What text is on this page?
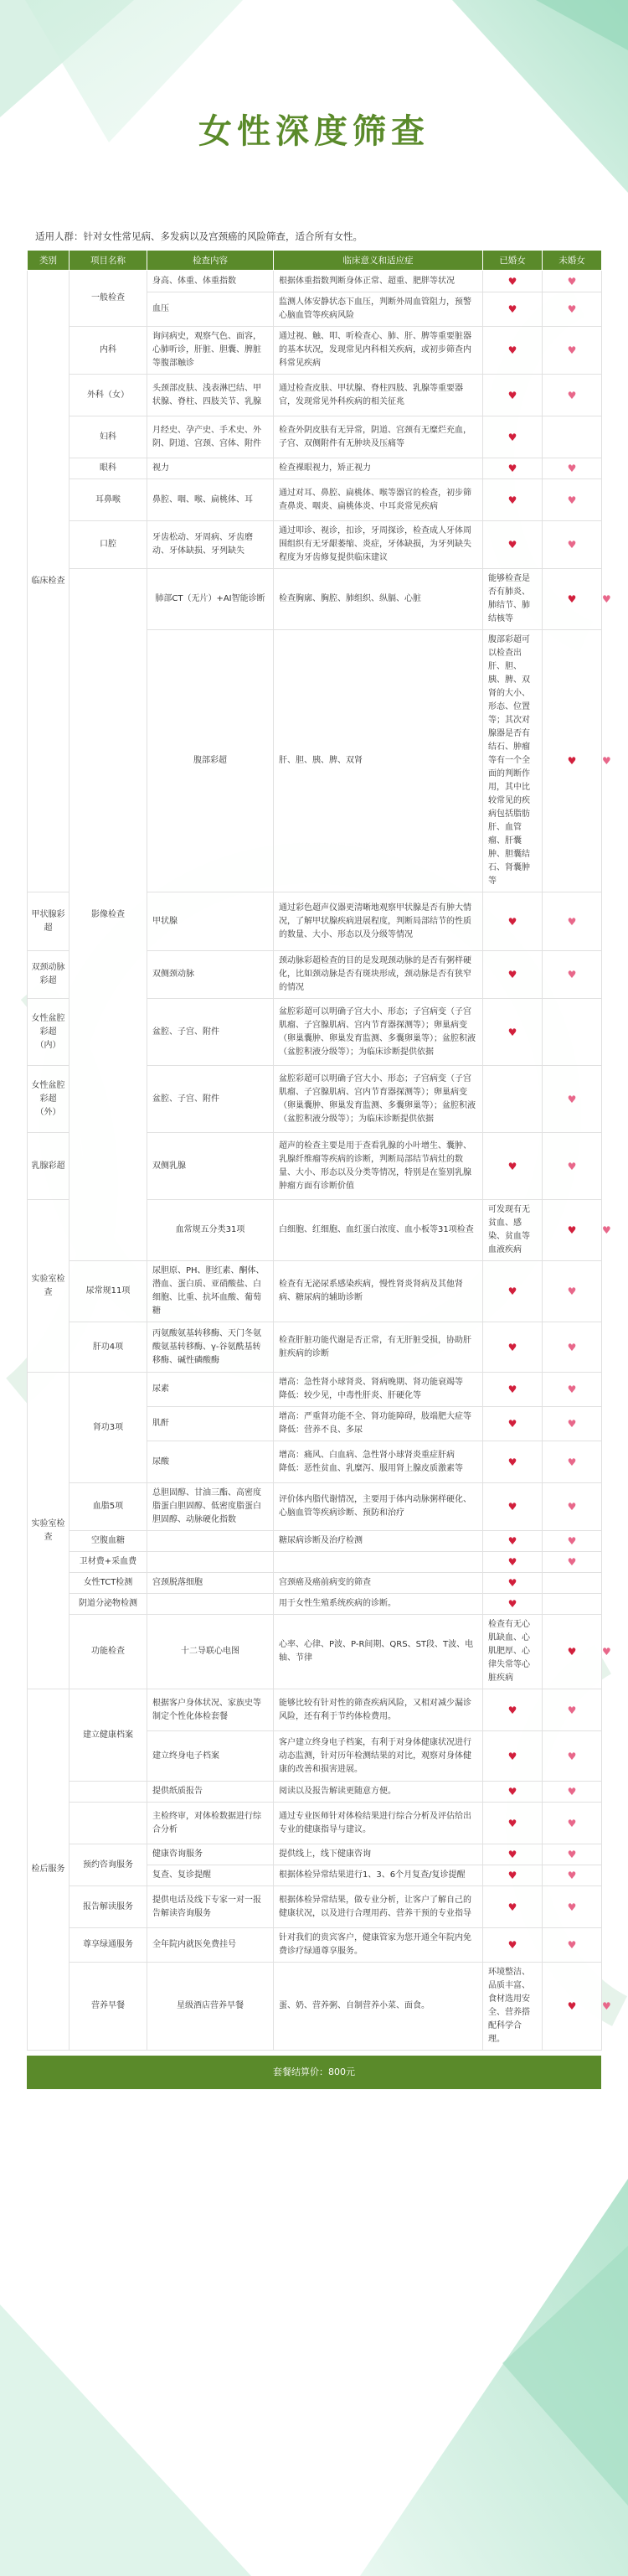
女性深度筛查
适用人群：针对女性常见病、多发病以及宫颈癌的风险筛查，适合所有女性。
类别	项目名称	检查内容	临床意义和适应症	已婚女	未婚女	
临床检查	一般检查	身高、体重、体重指数	根据体重指数判断身体正常、超重、肥胖等状况	♥	♥	
		血压	监测人体安静状态下血压，判断外周血管阻力，预警心脑血管等疾病风险	♥	♥	
	内科	询问病史，观察气色、面容，心肺听诊，肝脏、胆囊、脾脏等腹部触诊	通过视、触、叩、听检查心、肺、肝、脾等重要脏器的基本状况，发现常见内科相关疾病，或初步筛查内科常见疾病	♥	♥	
	外科（女）	头颈部皮肤、浅表淋巴结、甲状腺、脊柱、四肢关节、乳腺	通过检查皮肤、甲状腺、脊柱四肢、乳腺等重要器官，发现常见外科疾病的相关征兆	♥	♥	
	妇科	月经史、孕产史、手术史、外阴、阴道、宫颈、宫体、附件	检查外阴皮肤有无异常，阴道、宫颈有无糜烂充血，子宫、双侧附件有无肿块及压痛等	♥		
	眼科	视力	检查裸眼视力，矫正视力	♥	♥	
	耳鼻喉	鼻腔、咽、喉、扁桃体、耳	通过对耳、鼻腔、扁桃体、喉等器官的检查，初步筛查鼻炎、咽炎、扁桃体炎、中耳炎常见疾病	♥	♥	
	口腔	牙齿松动、牙周病、牙齿磨动、牙体缺损、牙列缺失	通过叩诊、视诊，扣诊，牙周探诊，检查成人牙体周围组织有无牙龈萎缩、炎症，牙体缺损，为牙列缺失程度为牙齿修复提供临床建议	♥	♥	
	影像检查	肺部CT（无片）+AI智能诊断	检查胸廓、胸腔、肺组织、纵膈、心脏	能够检查是否有肺炎、肺结节、肺结核等	♥	♥
		腹部彩超	肝、胆、胰、脾、双肾	腹部彩超可以检查出肝、胆、胰、脾、双肾的大小、形态、位置等；其次对腺器是否有结石、肿瘤等有一个全面的判断作用，其中比较常见的疾病包括脂肪肝、血管瘤、肝囊肿、胆囊结石、肾囊肿等	♥	♥
甲状腺彩超		甲状腺	通过彩色超声仪器更清晰地观察甲状腺是否有肿大情况，了解甲状腺疾病进展程度，判断局部结节的性质的数量、大小、形态以及分级等情况	♥	♥	
双颈动脉彩超		双侧颈动脉	颈动脉彩超检查的目的是发现颈动脉的是否有粥样硬化，比如颈动脉是否有斑块形成，颈动脉是否有狭窄的情况	♥	♥	
女性盆腔彩超（内）		盆腔、子宫、附件	盆腔彩超可以明确子宫大小、形态；子宫病变（子宫肌瘤、子宫腺肌病、宫内节育器探测等）；卵巢病变（卵巢囊肿、卵巢发育监测、多囊卵巢等）；盆腔积液（盆腔积液分级等）；为临床诊断提供依据	♥		
女性盆腔彩超（外）		盆腔、子宫、附件	盆腔彩超可以明确子宫大小、形态；子宫病变（子宫肌瘤、子宫腺肌病、宫内节育器探测等）；卵巢病变（卵巢囊肿、卵巢发育监测、多囊卵巢等）；盆腔积液（盆腔积液分级等）；为临床诊断提供依据		♥	
乳腺彩超		双侧乳腺	超声的检查主要是用于查看乳腺的小叶增生、囊肿、乳腺纤维瘤等疾病的诊断，判断局部结节病灶的数量、大小、形态以及分类等情况，特别是在鉴别乳腺肿瘤方面有诊断价值	♥	♥	
实验室检查		血常规五分类31项	白细胞、红细胞、血红蛋白浓度、血小板等31项检查	可发现有无贫血、感染、贫血等血液疾病	♥	♥
	尿常规11项	尿胆原、PH、胆红素、酮体、潜血、蛋白质、亚硝酸盐、白细胞、比重、抗坏血酸、葡萄糖	检查有无泌尿系感染疾病，慢性肾炎肾病及其他肾病、糖尿病的辅助诊断	♥	♥	
	肝功4项	丙氨酸氨基转移酶、天门冬氨酸氨基转移酶、γ-谷氨酰基转移酶、碱性磷酸酶	检查肝脏功能代谢是否正常，有无肝脏受损，协助肝脏疾病的诊断	♥	♥	
实验室检查	肾功3项	尿素	增高：急性肾小球肾炎、肾病晚期、肾功能衰竭等
降低：较少见，中毒性肝炎、肝硬化等	♥	♥	
		肌酐	增高：严重肾功能不全、肾功能障碍，肢端肥大症等
降低：营养不良、多尿	♥	♥	
		尿酸	增高：痛风、白血病、急性肾小球肾炎重症肝病
降低：恶性贫血、乳糜泻、服用肾上腺皮质激素等	♥	♥	
	血脂5项	总胆固醇、甘油三酯、高密度脂蛋白胆固醇、低密度脂蛋白胆固醇、动脉硬化指数	评价体内脂代谢情况，主要用于体内动脉粥样硬化、心脑血管等疾病诊断、预防和治疗	♥	♥	
	空腹血糖		糖尿病诊断及治疗检测	♥	♥	
	卫材费+采血费			♥	♥	
	女性TCT检测	宫颈脱落细胞	宫颈癌及癌前病变的筛查	♥		
	阴道分泌物检测		用于女性生殖系统疾病的诊断。	♥		
	功能检查	十二导联心电图	心率、心律、P波、P-R间期、QRS、ST段、T波、电轴、节律	检查有无心肌缺血、心肌肥厚、心律失常等心脏疾病	♥	♥
检后服务	建立健康档案	根据客户身体状况、家族史等制定个性化体检套餐	能够比较有针对性的筛查疾病风险，又相对减少漏诊风险，还有利于节约体检费用。	♥	♥	
		建立终身电子档案	客户建立终身电子档案，有利于对身体健康状况进行动态监测，针对历年检测结果的对比，观察对身体健康的改善和损害进展。	♥	♥	
		提供纸质报告	阅读以及报告解读更随意方便。	♥	♥	
		主检终审，对体检数据进行综合分析	通过专业医师针对体检结果进行综合分析及评估给出专业的健康指导与建议。	♥	♥	
	预约咨询服务	健康咨询服务	提供线上，线下健康咨询	♥	♥	
		复查、复诊提醒	根据体检异常结果进行1、3、6个月复查/复诊提醒	♥	♥	
	报告解读服务	提供电话及线下专家一对一报告解读咨询服务	根据体检异常结果，做专业分析，让客户了解自己的健康状况，以及进行合理用药、营养干预的专业指导	♥	♥	
	尊享绿通服务	全年院内就医免费挂号	针对我们的贵宾客户，健康管家为您开通全年院内免费诊疗绿通尊享服务。	♥	♥	
	营养早餐	星级酒店营养早餐	蛋、奶、营养粥、自制营养小菜、面食。	环境整洁、品质丰富、食材选用安全、营养搭配科学合理。	♥	♥
套餐结算价：800元
